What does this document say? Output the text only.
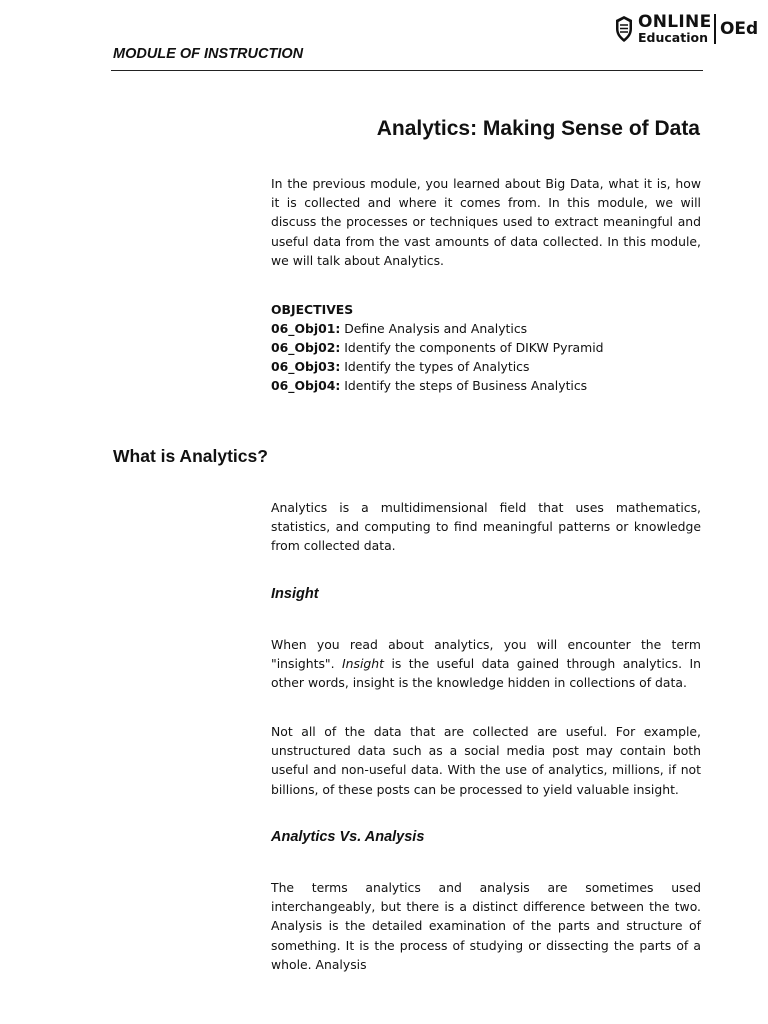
ONLINE
Education OEd
MODULE OF INSTRUCTION
Analytics: Making Sense of Data

In the previous module, you learned about Big Data, what it is, how it is collected and where it comes from. In this module, we will discuss the processes or techniques used to extract meaningful and useful data from the vast amounts of data collected. In this module, we will talk about Analytics.

OBJECTIVES
06_Obj01: Define Analysis and Analytics
06_Obj02: Identify the components of DIKW Pyramid
06_Obj03: Identify the types of Analytics
06_Obj04: Identify the steps of Business Analytics
What is Analytics?

Analytics is a multidimensional field that uses mathematics, statistics, and computing to find meaningful patterns or knowledge from collected data.

Insight

When you read about analytics, you will encounter the term "insights". Insight is the useful data gained through analytics. In other words, insight is the knowledge hidden in collections of data.

Not all of the data that are collected are useful. For example, unstructured data such as a social media post may contain both useful and non-useful data. With the use of analytics, millions, if not billions, of these posts can be processed to yield valuable insight.

Analytics Vs. Analysis

The terms analytics and analysis are sometimes used interchangeably, but there is a distinct difference between the two. Analysis is the detailed examination of the parts and structure of something. It is the process of studying or dissecting the parts of a whole. Analysis
